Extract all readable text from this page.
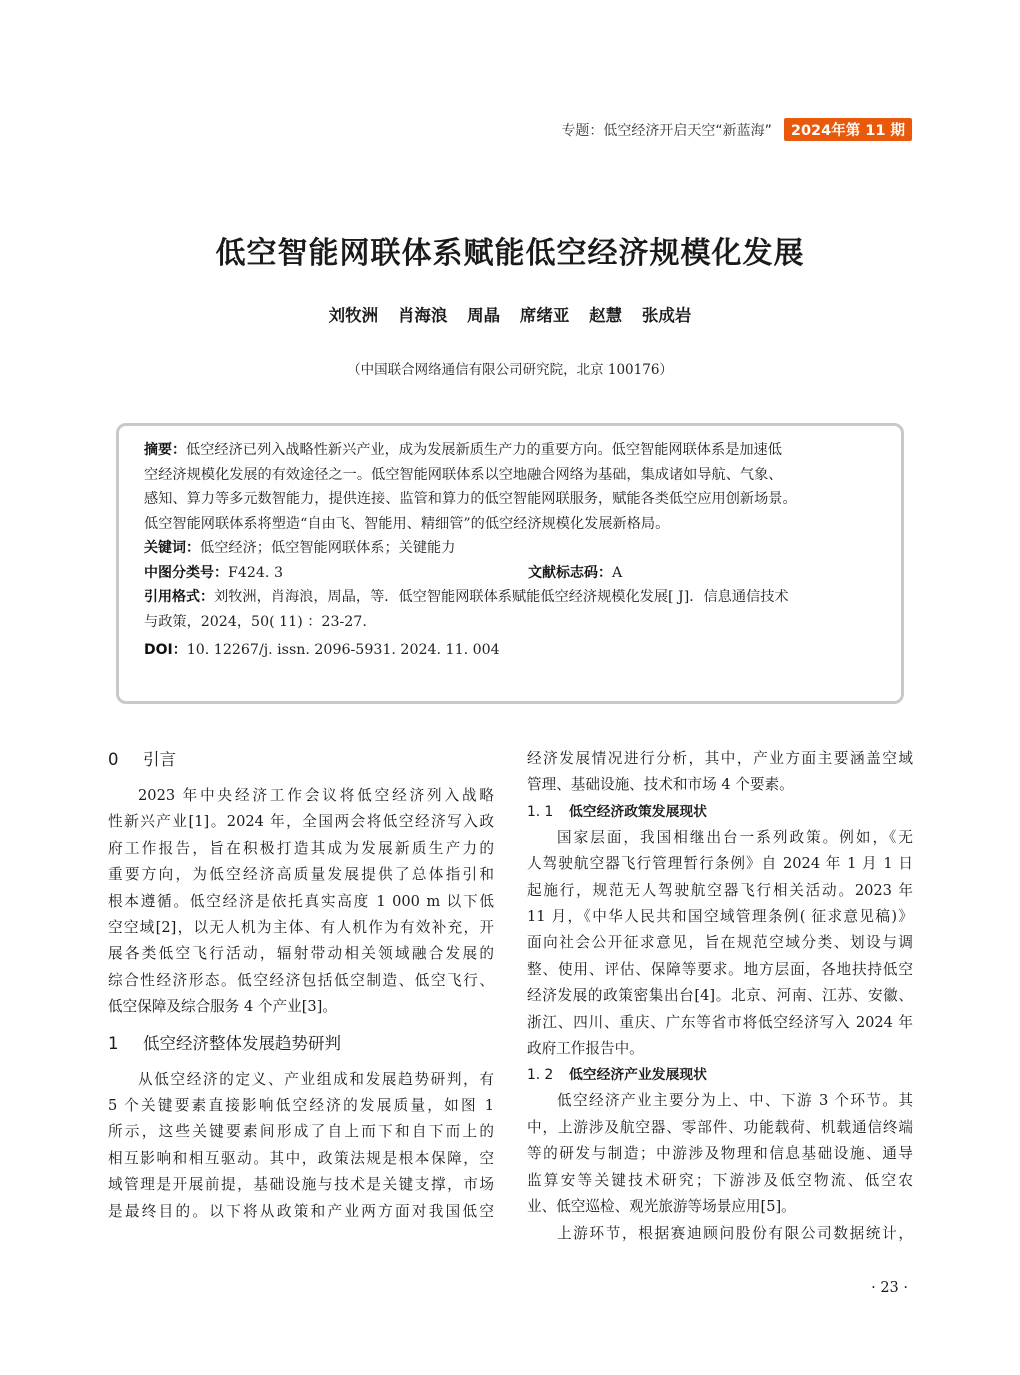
专题：低空经济开启天空“新蓝海”	2024年第 11 期
低空智能网联体系赋能低空经济规模化发展
刘牧洲 肖海浪 周晶 席绪亚 赵慧 张成岩
（中国联合网络通信有限公司研究院，北京 100176）
摘要：低空经济已列入战略性新兴产业，成为发展新质生产力的重要方向。低空智能网联体系是加速低
空经济规模化发展的有效途径之一。低空智能网联体系以空地融合网络为基础，集成诸如导航、气象、
感知、算力等多元数智能力，提供连接、监管和算力的低空智能网联服务，赋能各类低空应用创新场景。
低空智能网联体系将塑造“自由飞、智能用、精细管”的低空经济规模化发展新格局。
关键词：低空经济；低空智能网联体系；关键能力
中图分类号：F424. 3	文献标志码：A
引用格式：刘牧洲，肖海浪，周晶，等．低空智能网联体系赋能低空经济规模化发展[ J]．信息通信技术
与政策，2024，50( 11) ：23-27.
DOI：10. 12267/j. issn. 2096-5931. 2024. 11. 004
0 引言
2023 年中央经济工作会议将低空经济列入战略
性新兴产业[1]。2024 年，全国两会将低空经济写入政
府工作报告，旨在积极打造其成为发展新质生产力的
重要方向，为低空经济高质量发展提供了总体指引和
根本遵循。低空经济是依托真实高度 1 000 m 以下低
空空域[2]，以无人机为主体、有人机作为有效补充，开
展各类低空飞行活动，辐射带动相关领域融合发展的
综合性经济形态。低空经济包括低空制造、低空飞行、
低空保障及综合服务 4 个产业[3]。
1 低空经济整体发展趋势研判
从低空经济的定义、产业组成和发展趋势研判，有
5 个关键要素直接影响低空经济的发展质量，如图 1
所示，这些关键要素间形成了自上而下和自下而上的
相互影响和相互驱动。其中，政策法规是根本保障，空
域管理是开展前提，基础设施与技术是关键支撑，市场
是最终目的。以下将从政策和产业两方面对我国低空
经济发展情况进行分析，其中，产业方面主要涵盖空域
管理、基础设施、技术和市场 4 个要素。
1. 1 低空经济政策发展现状
国家层面，我国相继出台一系列政策。例如，《无
人驾驶航空器飞行管理暂行条例》自 2024 年 1 月 1 日
起施行，规范无人驾驶航空器飞行相关活动。2023 年
11 月，《中华人民共和国空域管理条例( 征求意见稿)》
面向社会公开征求意见，旨在规范空域分类、划设与调
整、使用、评估、保障等要求。地方层面，各地扶持低空
经济发展的政策密集出台[4]。北京、河南、江苏、安徽、
浙江、四川、重庆、广东等省市将低空经济写入 2024 年
政府工作报告中。
1. 2 低空经济产业发展现状
低空经济产业主要分为上、中、下游 3 个环节。其
中，上游涉及航空器、零部件、功能载荷、机载通信终端
等的研发与制造；中游涉及物理和信息基础设施、通导
监算安等关键技术研究；下游涉及低空物流、低空农
业、低空巡检、观光旅游等场景应用[5]。
上游环节，根据赛迪顾问股份有限公司数据统计，
· 23 ·
